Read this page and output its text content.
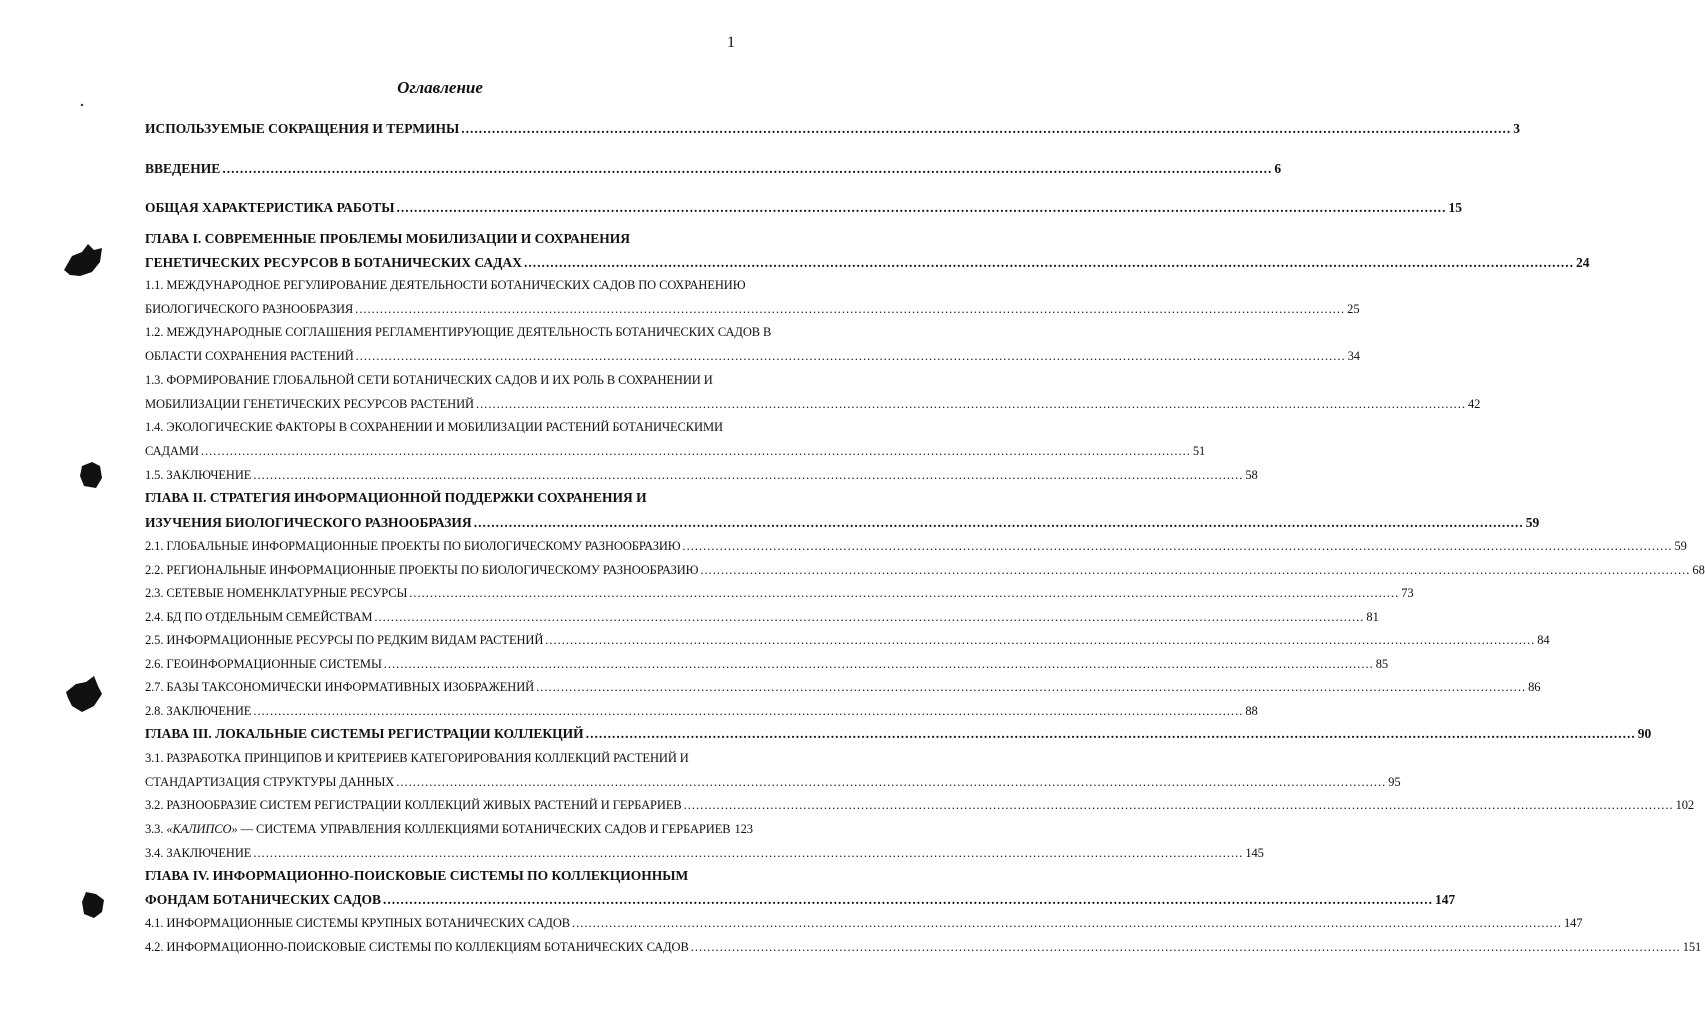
1
Оглавление
ИСПОЛЬЗУЕМЫЕ СОКРАЩЕНИЯ И ТЕРМИНЫ .....	3
ВВЕДЕНИЕ .....	6
ОБЩАЯ ХАРАКТЕРИСТИКА РАБОТЫ .....	15
ГЛАВА I. СОВРЕМЕННЫЕ ПРОБЛЕМЫ МОБИЛИЗАЦИИ И СОХРАНЕНИЯ
ГЕНЕТИЧЕСКИХ РЕСУРСОВ В БОТАНИЧЕСКИХ САДАХ .....	24
1.1. МЕЖДУНАРОДНОЕ РЕГУЛИРОВАНИЕ ДЕЯТЕЛЬНОСТИ БОТАНИЧЕСКИХ САДОВ ПО СОХРАНЕНИЮ
БИОЛОГИЧЕСКОГО РАЗНООБРАЗИЯ .....	25
1.2. МЕЖДУНАРОДНЫЕ СОГЛАШЕНИЯ РЕГЛАМЕНТИРУЮЩИЕ ДЕЯТЕЛЬНОСТЬ БОТАНИЧЕСКИХ САДОВ В
ОБЛАСТИ СОХРАНЕНИЯ РАСТЕНИЙ .....	34
1.3. ФОРМИРОВАНИЕ ГЛОБАЛЬНОЙ СЕТИ БОТАНИЧЕСКИХ САДОВ И ИХ РОЛЬ В СОХРАНЕНИИ И
МОБИЛИЗАЦИИ ГЕНЕТИЧЕСКИХ РЕСУРСОВ РАСТЕНИЙ .....	42
1.4. ЭКОЛОГИЧЕСКИЕ ФАКТОРЫ В СОХРАНЕНИИ И МОБИЛИЗАЦИИ РАСТЕНИЙ БОТАНИЧЕСКИМИ
САДАМИ .....	51
1.5. ЗАКЛЮЧЕНИЕ .....	58
ГЛАВА II. СТРАТЕГИЯ ИНФОРМАЦИОННОЙ ПОДДЕРЖКИ СОХРАНЕНИЯ И
ИЗУЧЕНИЯ БИОЛОГИЧЕСКОГО РАЗНООБРАЗИЯ .....	59
2.1. ГЛОБАЛЬНЫЕ ИНФОРМАЦИОННЫЕ ПРОЕКТЫ ПО БИОЛОГИЧЕСКОМУ РАЗНООБРАЗИЮ .....	59
2.2. РЕГИОНАЛЬНЫЕ ИНФОРМАЦИОННЫЕ ПРОЕКТЫ ПО БИОЛОГИЧЕСКОМУ РАЗНООБРАЗИЮ .....	68
2.3. СЕТЕВЫЕ НОМЕНКЛАТУРНЫЕ РЕСУРСЫ .....	73
2.4. БД ПО ОТДЕЛЬНЫМ СЕМЕЙСТВАМ .....	81
2.5. ИНФОРМАЦИОННЫЕ РЕСУРСЫ ПО РЕДКИМ ВИДАМ РАСТЕНИЙ .....	84
2.6. ГЕОИНФОРМАЦИОННЫЕ СИСТЕМЫ .....	85
2.7. БАЗЫ ТАКСОНОМИЧЕСКИ ИНФОРМАТИВНЫХ ИЗОБРАЖЕНИЙ .....	86
2.8. ЗАКЛЮЧЕНИЕ .....	88
ГЛАВА III. ЛОКАЛЬНЫЕ СИСТЕМЫ РЕГИСТРАЦИИ КОЛЛЕКЦИЙ .....	90
3.1. РАЗРАБОТКА ПРИНЦИПОВ И КРИТЕРИЕВ КАТЕГОРИРОВАНИЯ КОЛЛЕКЦИЙ РАСТЕНИЙ И
СТАНДАРТИЗАЦИЯ СТРУКТУРЫ ДАННЫХ .....	95
3.2. РАЗНООБРАЗИЕ СИСТЕМ РЕГИСТРАЦИИ КОЛЛЕКЦИЙ ЖИВЫХ РАСТЕНИЙ И ГЕРБАРИЕВ .....	102
3.3. «КАЛИПСО» — СИСТЕМА УПРАВЛЕНИЯ КОЛЛЕКЦИЯМИ БОТАНИЧЕСКИХ САДОВ И ГЕРБАРИЕВ 123
3.4. ЗАКЛЮЧЕНИЕ .....	145
ГЛАВА IV. ИНФОРМАЦИОННО-ПОИСКОВЫЕ СИСТЕМЫ ПО КОЛЛЕКЦИОННЫМ
ФОНДАМ БОТАНИЧЕСКИХ САДОВ .....	147
4.1. ИНФОРМАЦИОННЫЕ СИСТЕМЫ КРУПНЫХ БОТАНИЧЕСКИХ САДОВ .....	147
4.2. ИНФОРМАЦИОННО-ПОИСКОВЫЕ СИСТЕМЫ ПО КОЛЛЕКЦИЯМ БОТАНИЧЕСКИХ САДОВ .....	151
